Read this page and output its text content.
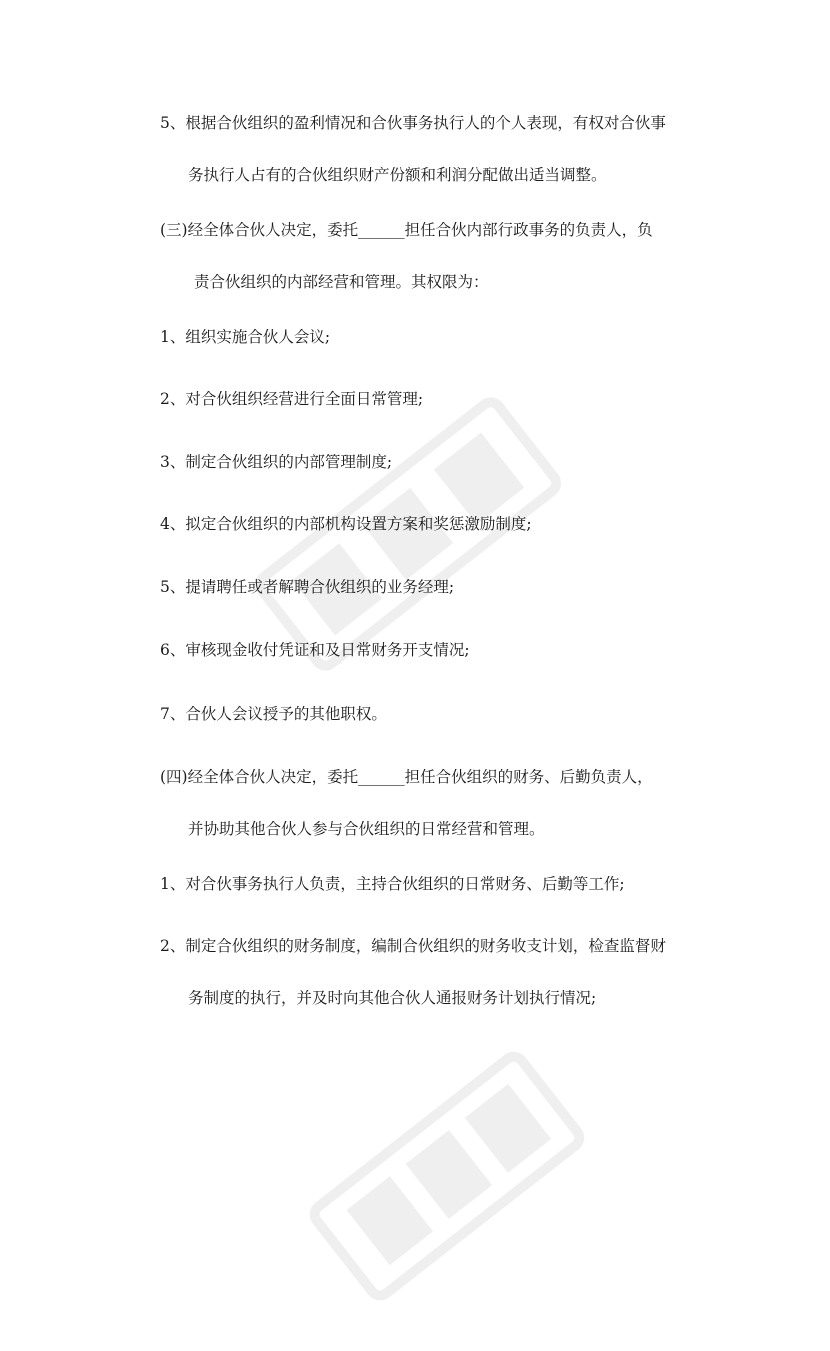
5、根据合伙组织的盈利情况和合伙事务执行人的个人表现，有权对合伙事
务执行人占有的合伙组织财产份额和利润分配做出适当调整。
(三)经全体合伙人决定，委托______担任合伙内部行政事务的负责人，负
责合伙组织的内部经营和管理。其权限为：
1、组织实施合伙人会议;
2、对合伙组织经营进行全面日常管理;
3、制定合伙组织的内部管理制度;
4、拟定合伙组织的内部机构设置方案和奖惩激励制度;
5、提请聘任或者解聘合伙组织的业务经理;
6、审核现金收付凭证和及日常财务开支情况;
7、合伙人会议授予的其他职权。
(四)经全体合伙人决定，委托______担任合伙组织的财务、后勤负责人，
并协助其他合伙人参与合伙组织的日常经营和管理。
1、对合伙事务执行人负责，主持合伙组织的日常财务、后勤等工作;
2、制定合伙组织的财务制度，编制合伙组织的财务收支计划，检查监督财
务制度的执行，并及时向其他合伙人通报财务计划执行情况;
